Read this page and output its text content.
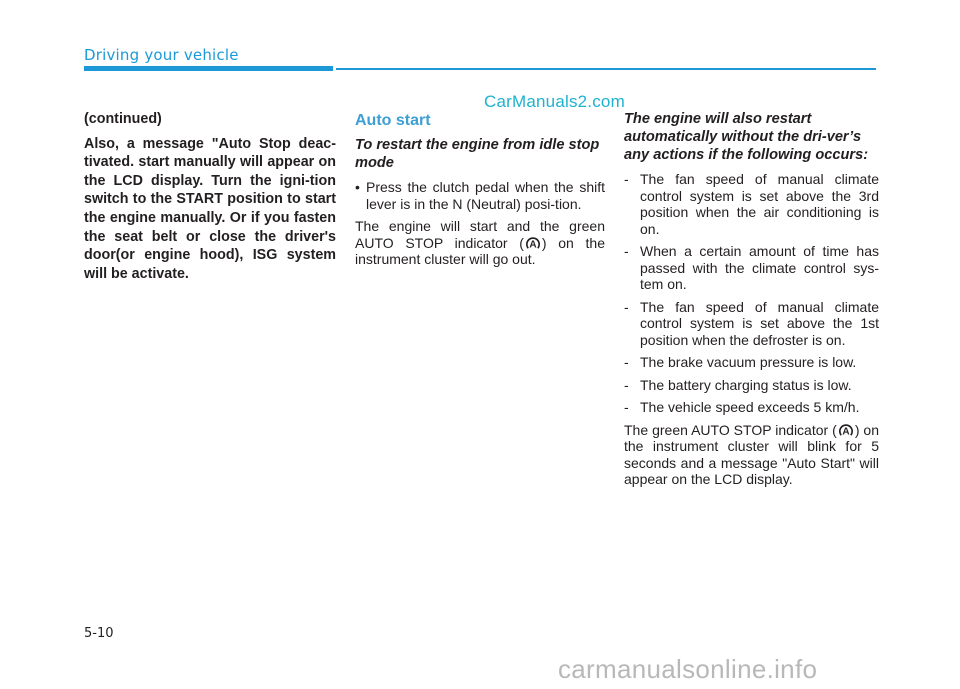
Driving your vehicle
CarManuals2.com

(continued)

Also, a message "Auto Stop deac-tivated. start manually will appear on the LCD display. Turn the igni-tion switch to the START position to start the engine manually. Or if you fasten the seat belt or close the driver's door(or engine hood), ISG system will be activate.

Auto start
To restart the engine from idle stop mode
• Press the clutch pedal when the shift lever is in the N (Neutral) posi-tion.
The engine will start and the green AUTO STOP indicator ( A ) on the instrument cluster will go out.
The engine will also restart automatically without the dri-ver’s any actions if the following occurs:
- The fan speed of manual climate control system is set above the 3rd position when the air conditioning is on.
- When a certain amount of time has passed with the climate control sys-tem on.
- The fan speed of manual climate control system is set above the 1st position when the defroster is on.
- The brake vacuum pressure is low.
- The battery charging status is low.
- The vehicle speed exceeds 5 km/h.
The green AUTO STOP indicator ( A ) on the instrument cluster will blink for 5 seconds and a message "Auto Start" will appear on the LCD display.
5-10
carmanualsonline.info
